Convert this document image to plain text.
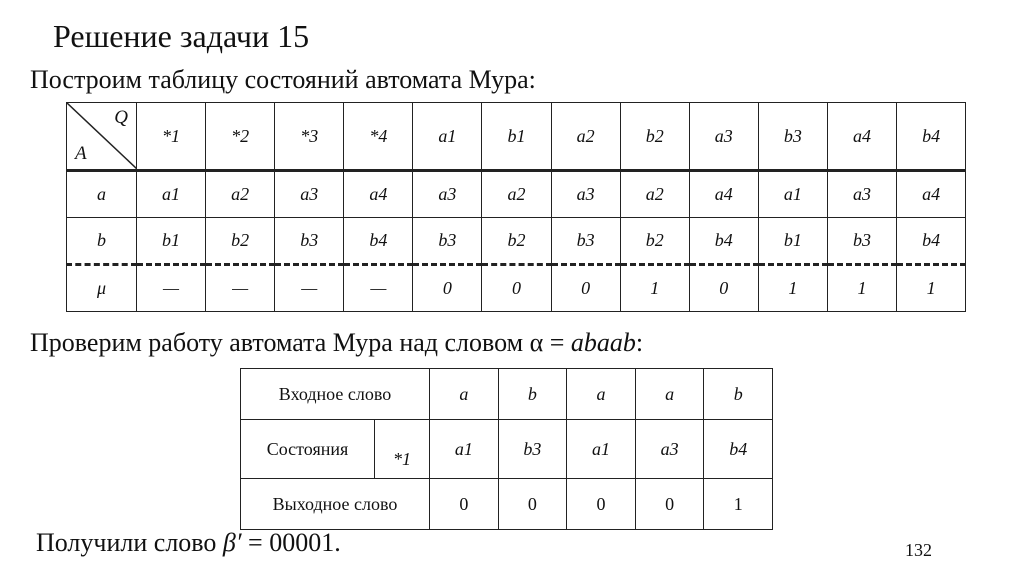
Решение задачи 15
Построим таблицу состояний автомата Мура:
Q
A	*1	*2	*3	*4	a1	b1	a2	b2	a3	b3	a4	b4
a	a1	a2	a3	a4	a3	a2	a3	a2	a4	a1	a3	a4
b	b1	b2	b3	b4	b3	b2	b3	b2	b4	b1	b3	b4
μ	—	—	—	—	0	0	0	1	0	1	1	1
Проверим работу автомата Мура над словом α = abaab:
Входное слово		a	b	a	a	b
Состояния	*1	a1	b3	a1	a3	b4
Выходное слово		0	0	0	0	1
Получили слово β′ = 00001.	132
